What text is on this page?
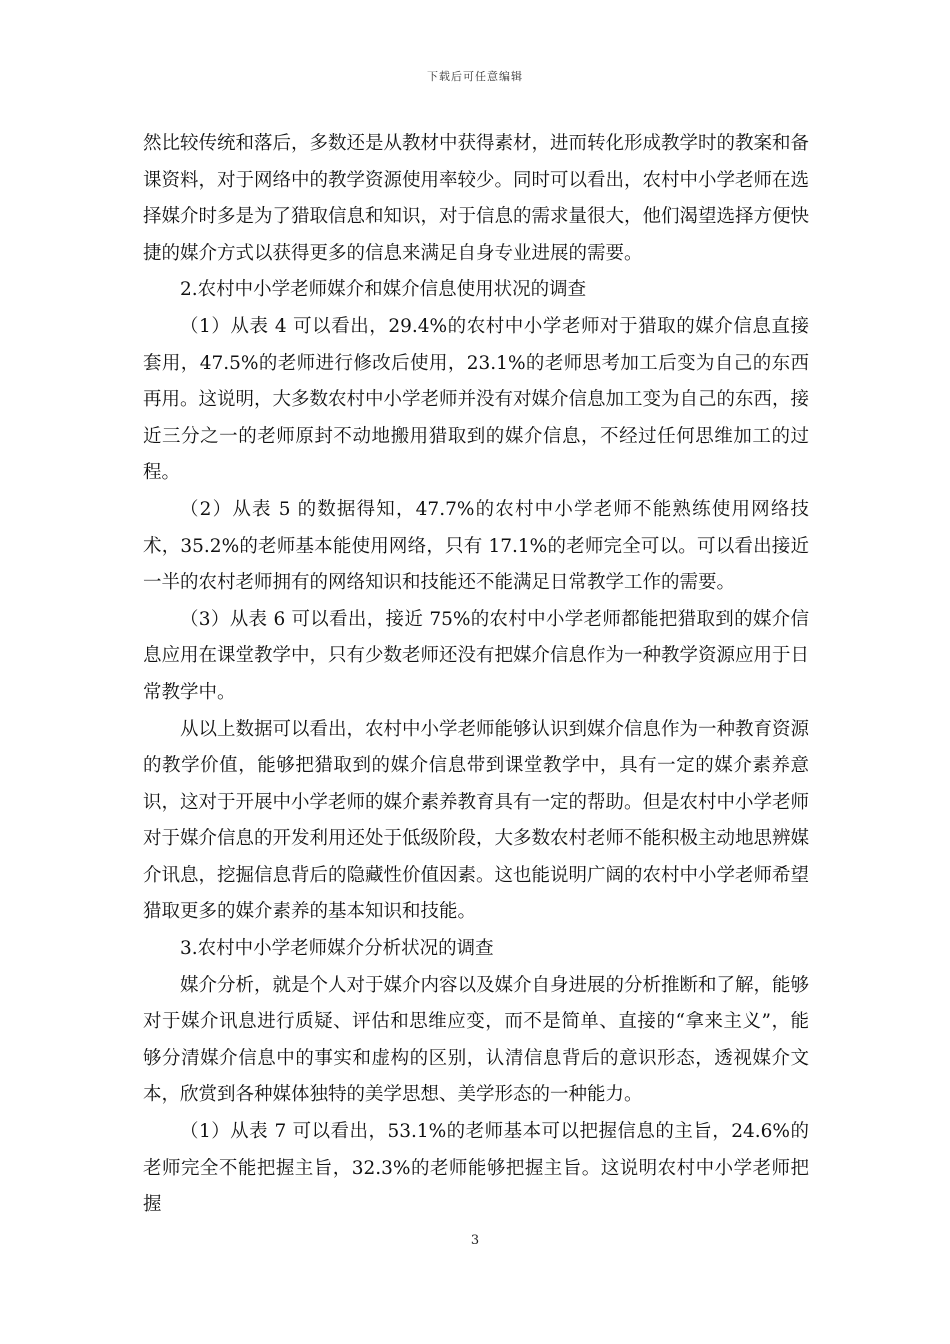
下载后可任意编辑

然比较传统和落后，多数还是从教材中获得素材，进而转化形成教学时的教案和备课资料，对于网络中的教学资源使用率较少。同时可以看出，农村中小学老师在选择媒介时多是为了猎取信息和知识，对于信息的需求量很大，他们渴望选择方便快捷的媒介方式以获得更多的信息来满足自身专业进展的需要。

2.农村中小学老师媒介和媒介信息使用状况的调查

（1）从表 4 可以看出，29.4%的农村中小学老师对于猎取的媒介信息直接套用，47.5%的老师进行修改后使用，23.1%的老师思考加工后变为自己的东西再用。这说明，大多数农村中小学老师并没有对媒介信息加工变为自己的东西，接近三分之一的老师原封不动地搬用猎取到的媒介信息，不经过任何思维加工的过程。

（2）从表 5 的数据得知，47.7%的农村中小学老师不能熟练使用网络技术，35.2%的老师基本能使用网络，只有 17.1%的老师完全可以。可以看出接近一半的农村老师拥有的网络知识和技能还不能满足日常教学工作的需要。

（3）从表 6 可以看出，接近 75%的农村中小学老师都能把猎取到的媒介信息应用在课堂教学中，只有少数老师还没有把媒介信息作为一种教学资源应用于日常教学中。

从以上数据可以看出，农村中小学老师能够认识到媒介信息作为一种教育资源的教学价值，能够把猎取到的媒介信息带到课堂教学中，具有一定的媒介素养意识，这对于开展中小学老师的媒介素养教育具有一定的帮助。但是农村中小学老师对于媒介信息的开发利用还处于低级阶段，大多数农村老师不能积极主动地思辨媒介讯息，挖掘信息背后的隐藏性价值因素。这也能说明广阔的农村中小学老师希望猎取更多的媒介素养的基本知识和技能。

3.农村中小学老师媒介分析状况的调查

媒介分析，就是个人对于媒介内容以及媒介自身进展的分析推断和了解，能够对于媒介讯息进行质疑、评估和思维应变，而不是简单、直接的“拿来主义”，能够分清媒介信息中的事实和虚构的区别，认清信息背后的意识形态，透视媒介文本，欣赏到各种媒体独特的美学思想、美学形态的一种能力。

（1）从表 7 可以看出，53.1%的老师基本可以把握信息的主旨，24.6%的老师完全不能把握主旨，32.3%的老师能够把握主旨。这说明农村中小学老师把握

3
